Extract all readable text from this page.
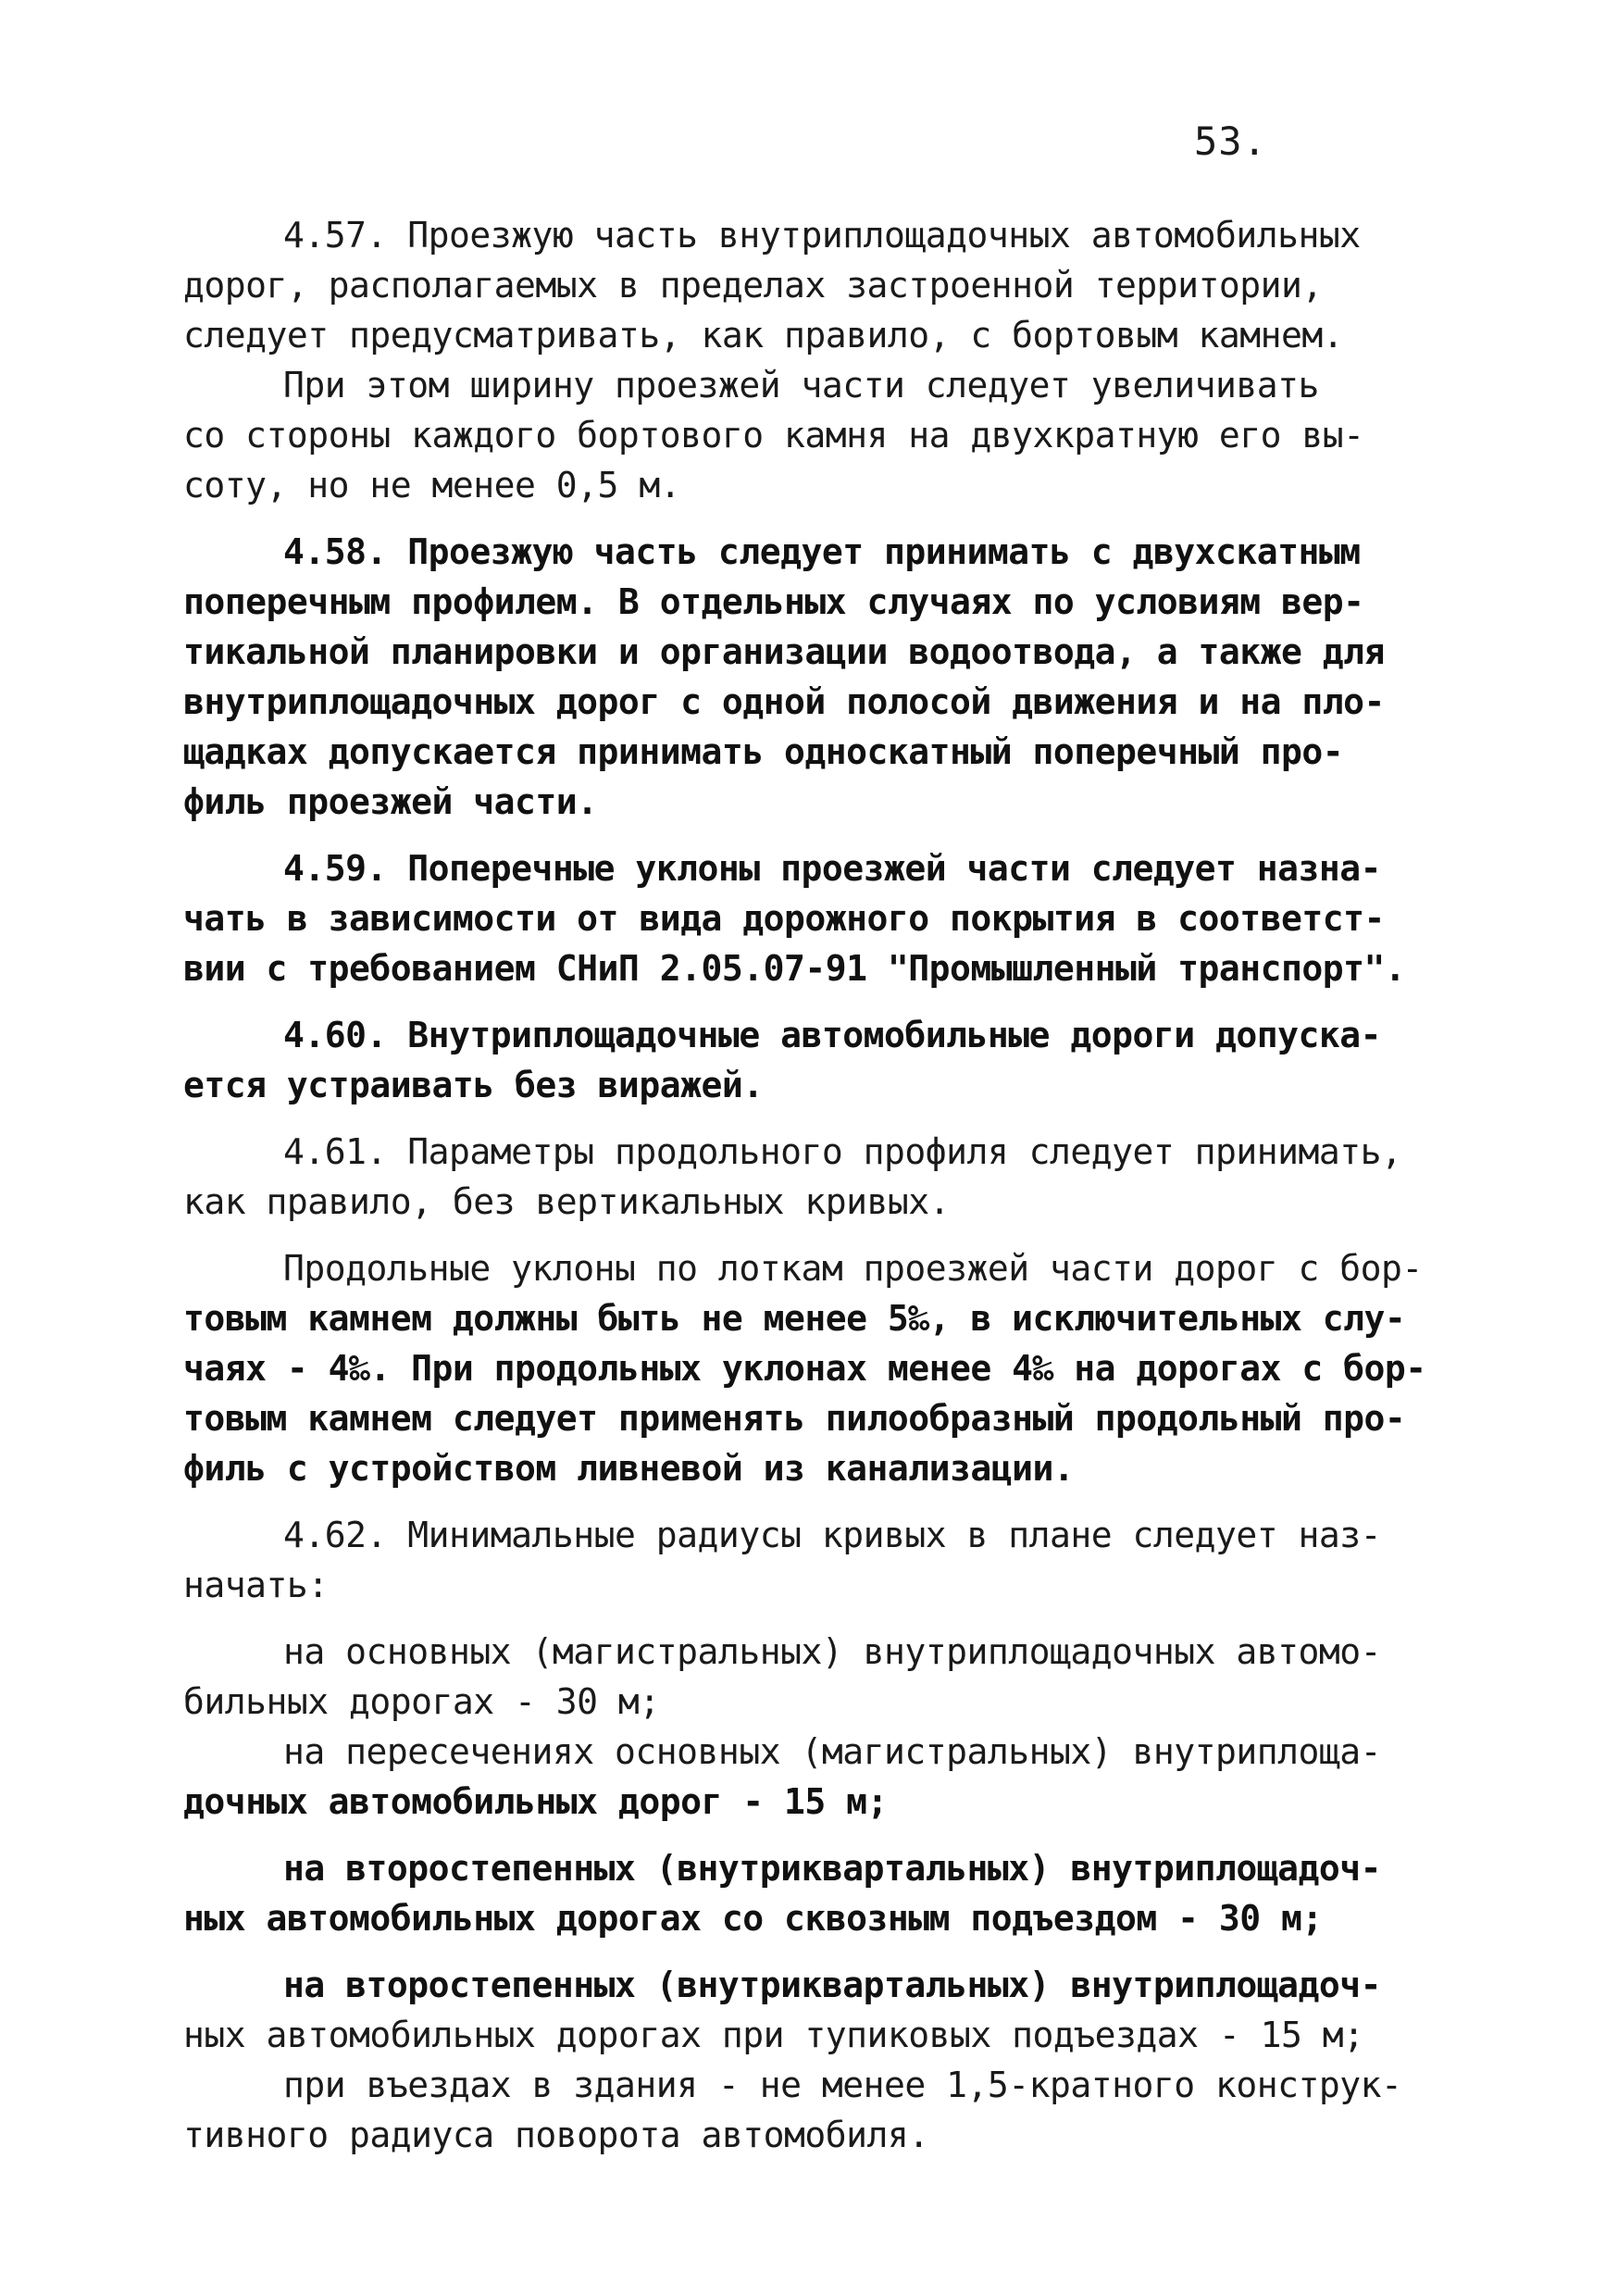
53.
4.57. Проезжую часть внутриплощадочных автомобильных
дорог, располагаемых в пределах застроенной территории,
следует предусматривать, как правило, с бортовым камнем.
При этом ширину проезжей части следует увеличивать
со стороны каждого бортового камня на двухкратную его вы-
соту, но не менее 0,5 м.
4.58. Проезжую часть следует принимать с двухскатным
поперечным профилем. В отдельных случаях по условиям вер-
тикальной планировки и организации водоотвода, а также для
внутриплощадочных дорог с одной полосой движения и на пло-
щадках допускается принимать односкатный поперечный про-
филь проезжей части.
4.59. Поперечные уклоны проезжей части следует назна-
чать в зависимости от вида дорожного покрытия в соответст-
вии с требованием СНиП 2.05.07-91 "Промышленный транспорт".
4.60. Внутриплощадочные автомобильные дороги допуска-
ется устраивать без виражей.
4.61. Параметры продольного профиля следует принимать,
как правило, без вертикальных кривых.
Продольные уклоны по лоткам проезжей части дорог с бор-
товым камнем должны быть не менее 5‰, в исключительных слу-
чаях - 4‰. При продольных уклонах менее 4‰ на дорогах с бор-
товым камнем следует применять пилообразный продольный про-
филь с устройством ливневой из канализации.
4.62. Минимальные радиусы кривых в плане следует наз-
начать:
на основных (магистральных) внутриплощадочных автомо-
бильных дорогах - 30 м;
на пересечениях основных (магистральных) внутриплоща-
дочных автомобильных дорог - 15 м;
на второстепенных (внутриквартальных) внутриплощадоч-
ных автомобильных дорогах со сквозным подъездом - 30 м;
на второстепенных (внутриквартальных) внутриплощадоч-
ных автомобильных дорогах при тупиковых подъездах - 15 м;
при въездах в здания - не менее 1,5-кратного конструк-
тивного радиуса поворота автомобиля.
